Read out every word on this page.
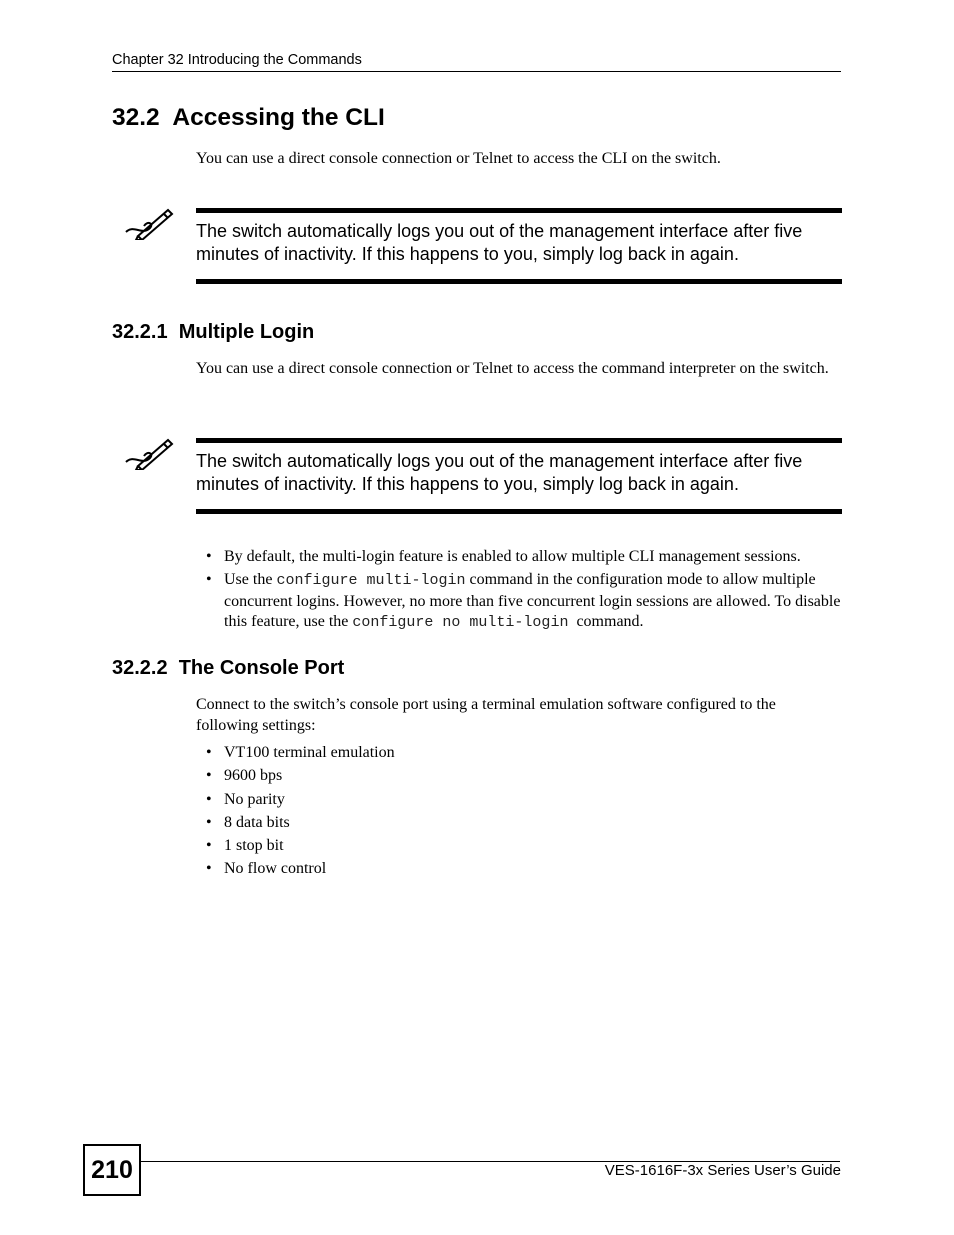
Chapter 32 Introducing the Commands
32.2  Accessing the CLI
You can use a direct console connection or Telnet to access the CLI on the switch.
The switch automatically logs you out of the management interface after five minutes of inactivity. If this happens to you, simply log back in again.
32.2.1  Multiple Login
You can use a direct console connection or Telnet to access the command interpreter on the switch.
The switch automatically logs you out of the management interface after five minutes of inactivity. If this happens to you, simply log back in again.
• By default, the multi-login feature is enabled to allow multiple CLI management sessions.
• Use the configure multi-login command in the configuration mode to allow multiple concurrent logins. However, no more than five concurrent login sessions are allowed. To disable this feature, use the configure no multi-login  command.
32.2.2  The Console Port
Connect to the switch’s console port using a terminal emulation software configured to the following settings:
• VT100 terminal emulation
• 9600 bps
• No parity
• 8 data bits
• 1 stop bit
• No flow control
210	VES-1616F-3x Series User’s Guide
